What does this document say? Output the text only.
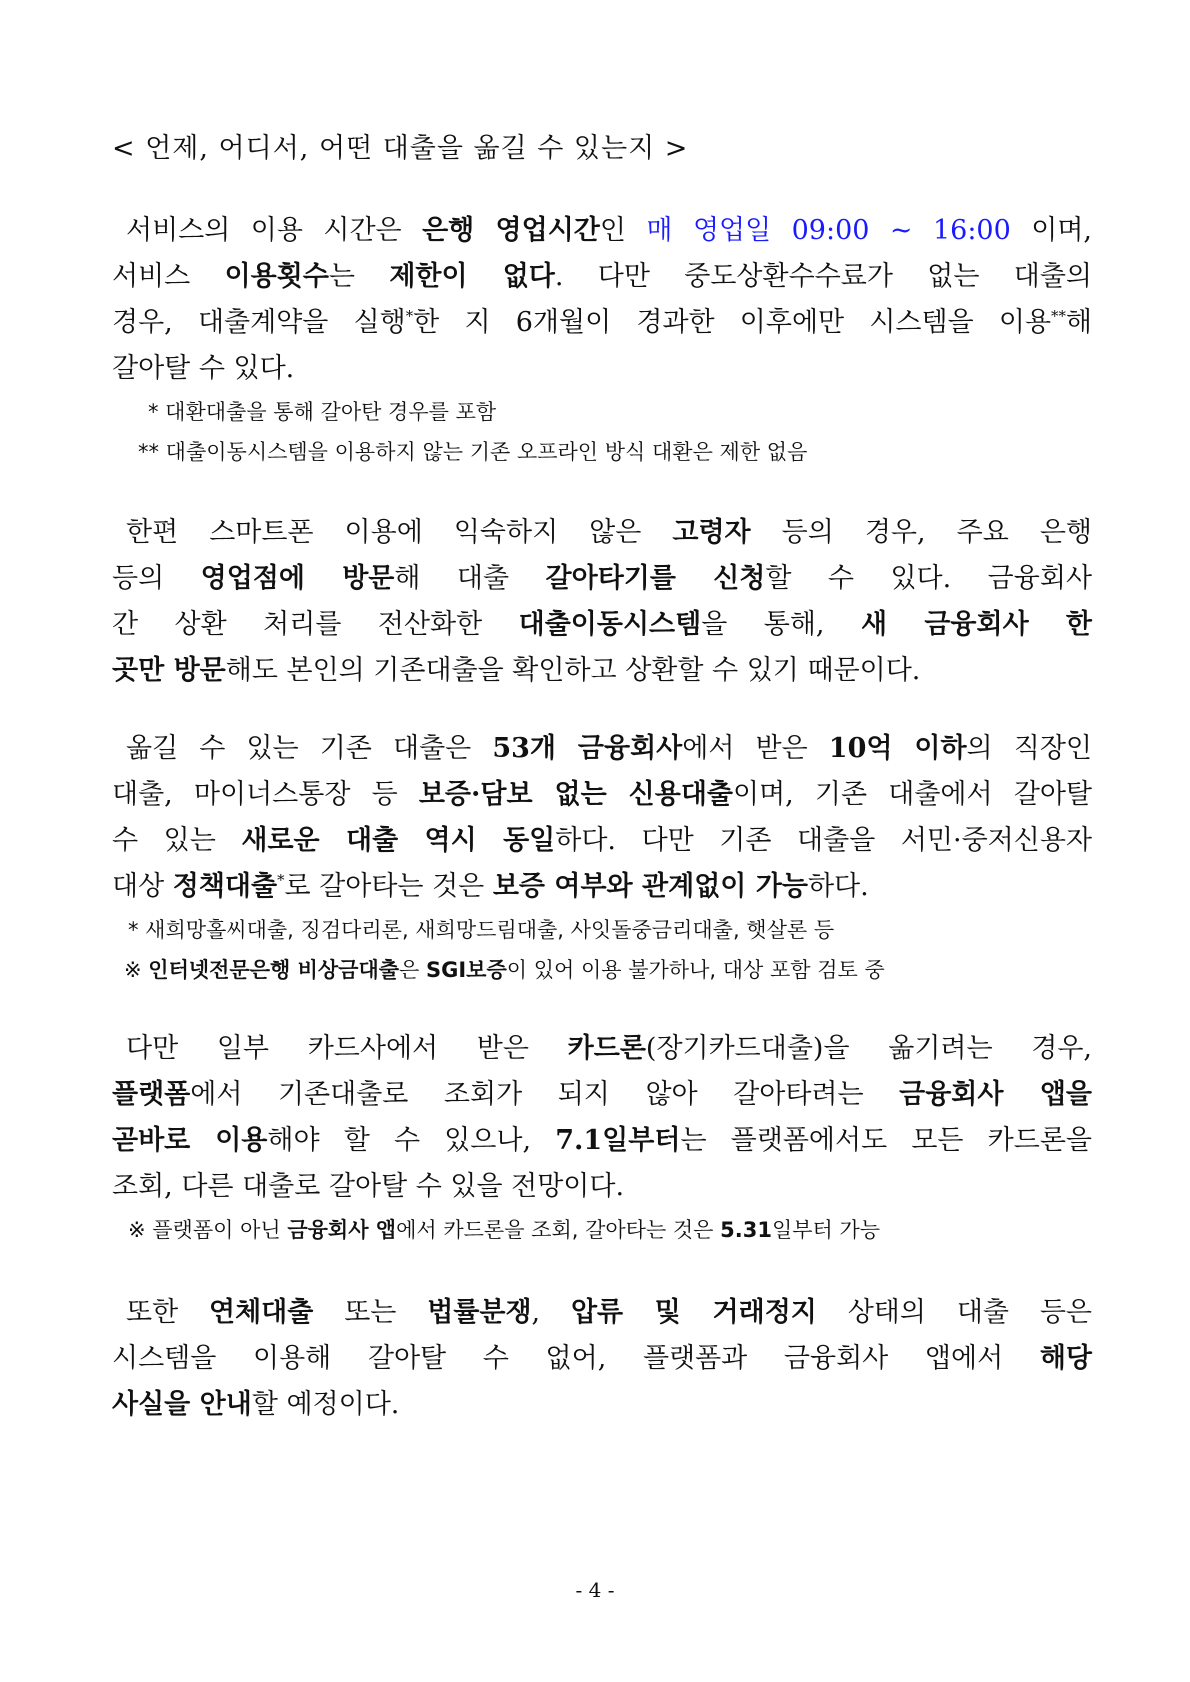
< 언제, 어디서, 어떤 대출을 옮길 수 있는지 >
서비스의 이용 시간은 은행 영업시간인 매 영업일 09:00 ~ 16:00 이며,
서비스 이용횟수는 제한이 없다. 다만 중도상환수수료가 없는 대출의
경우, 대출계약을 실행*한 지 6개월이 경과한 이후에만 시스템을 이용**해
갈아탈 수 있다.
* 대환대출을 통해 갈아탄 경우를 포함
** 대출이동시스템을 이용하지 않는 기존 오프라인 방식 대환은 제한 없음
한편 스마트폰 이용에 익숙하지 않은 고령자 등의 경우, 주요 은행
등의 영업점에 방문해 대출 갈아타기를 신청할 수 있다. 금융회사
간 상환 처리를 전산화한 대출이동시스템을 통해, 새 금융회사 한
곳만 방문해도 본인의 기존대출을 확인하고 상환할 수 있기 때문이다.
옮길 수 있는 기존 대출은 53개 금융회사에서 받은 10억 이하의 직장인
대출, 마이너스통장 등 보증·담보 없는 신용대출이며, 기존 대출에서 갈아탈
수 있는 새로운 대출 역시 동일하다. 다만 기존 대출을 서민·중저신용자
대상 정책대출*로 갈아타는 것은 보증 여부와 관계없이 가능하다.
* 새희망홀씨대출, 징검다리론, 새희망드림대출, 사잇돌중금리대출, 햇살론 등
※ 인터넷전문은행 비상금대출은 SGI보증이 있어 이용 불가하나, 대상 포함 검토 중
다만 일부 카드사에서 받은 카드론(장기카드대출)을 옮기려는 경우,
플랫폼에서 기존대출로 조회가 되지 않아 갈아타려는 금융회사 앱을
곧바로 이용해야 할 수 있으나, 7.1일부터는 플랫폼에서도 모든 카드론을
조회, 다른 대출로 갈아탈 수 있을 전망이다.
※ 플랫폼이 아닌 금융회사 앱에서 카드론을 조회, 갈아타는 것은 5.31일부터 가능
또한 연체대출 또는 법률분쟁, 압류 및 거래정지 상태의 대출 등은
시스템을 이용해 갈아탈 수 없어, 플랫폼과 금융회사 앱에서 해당
사실을 안내할 예정이다.
- 4 -
